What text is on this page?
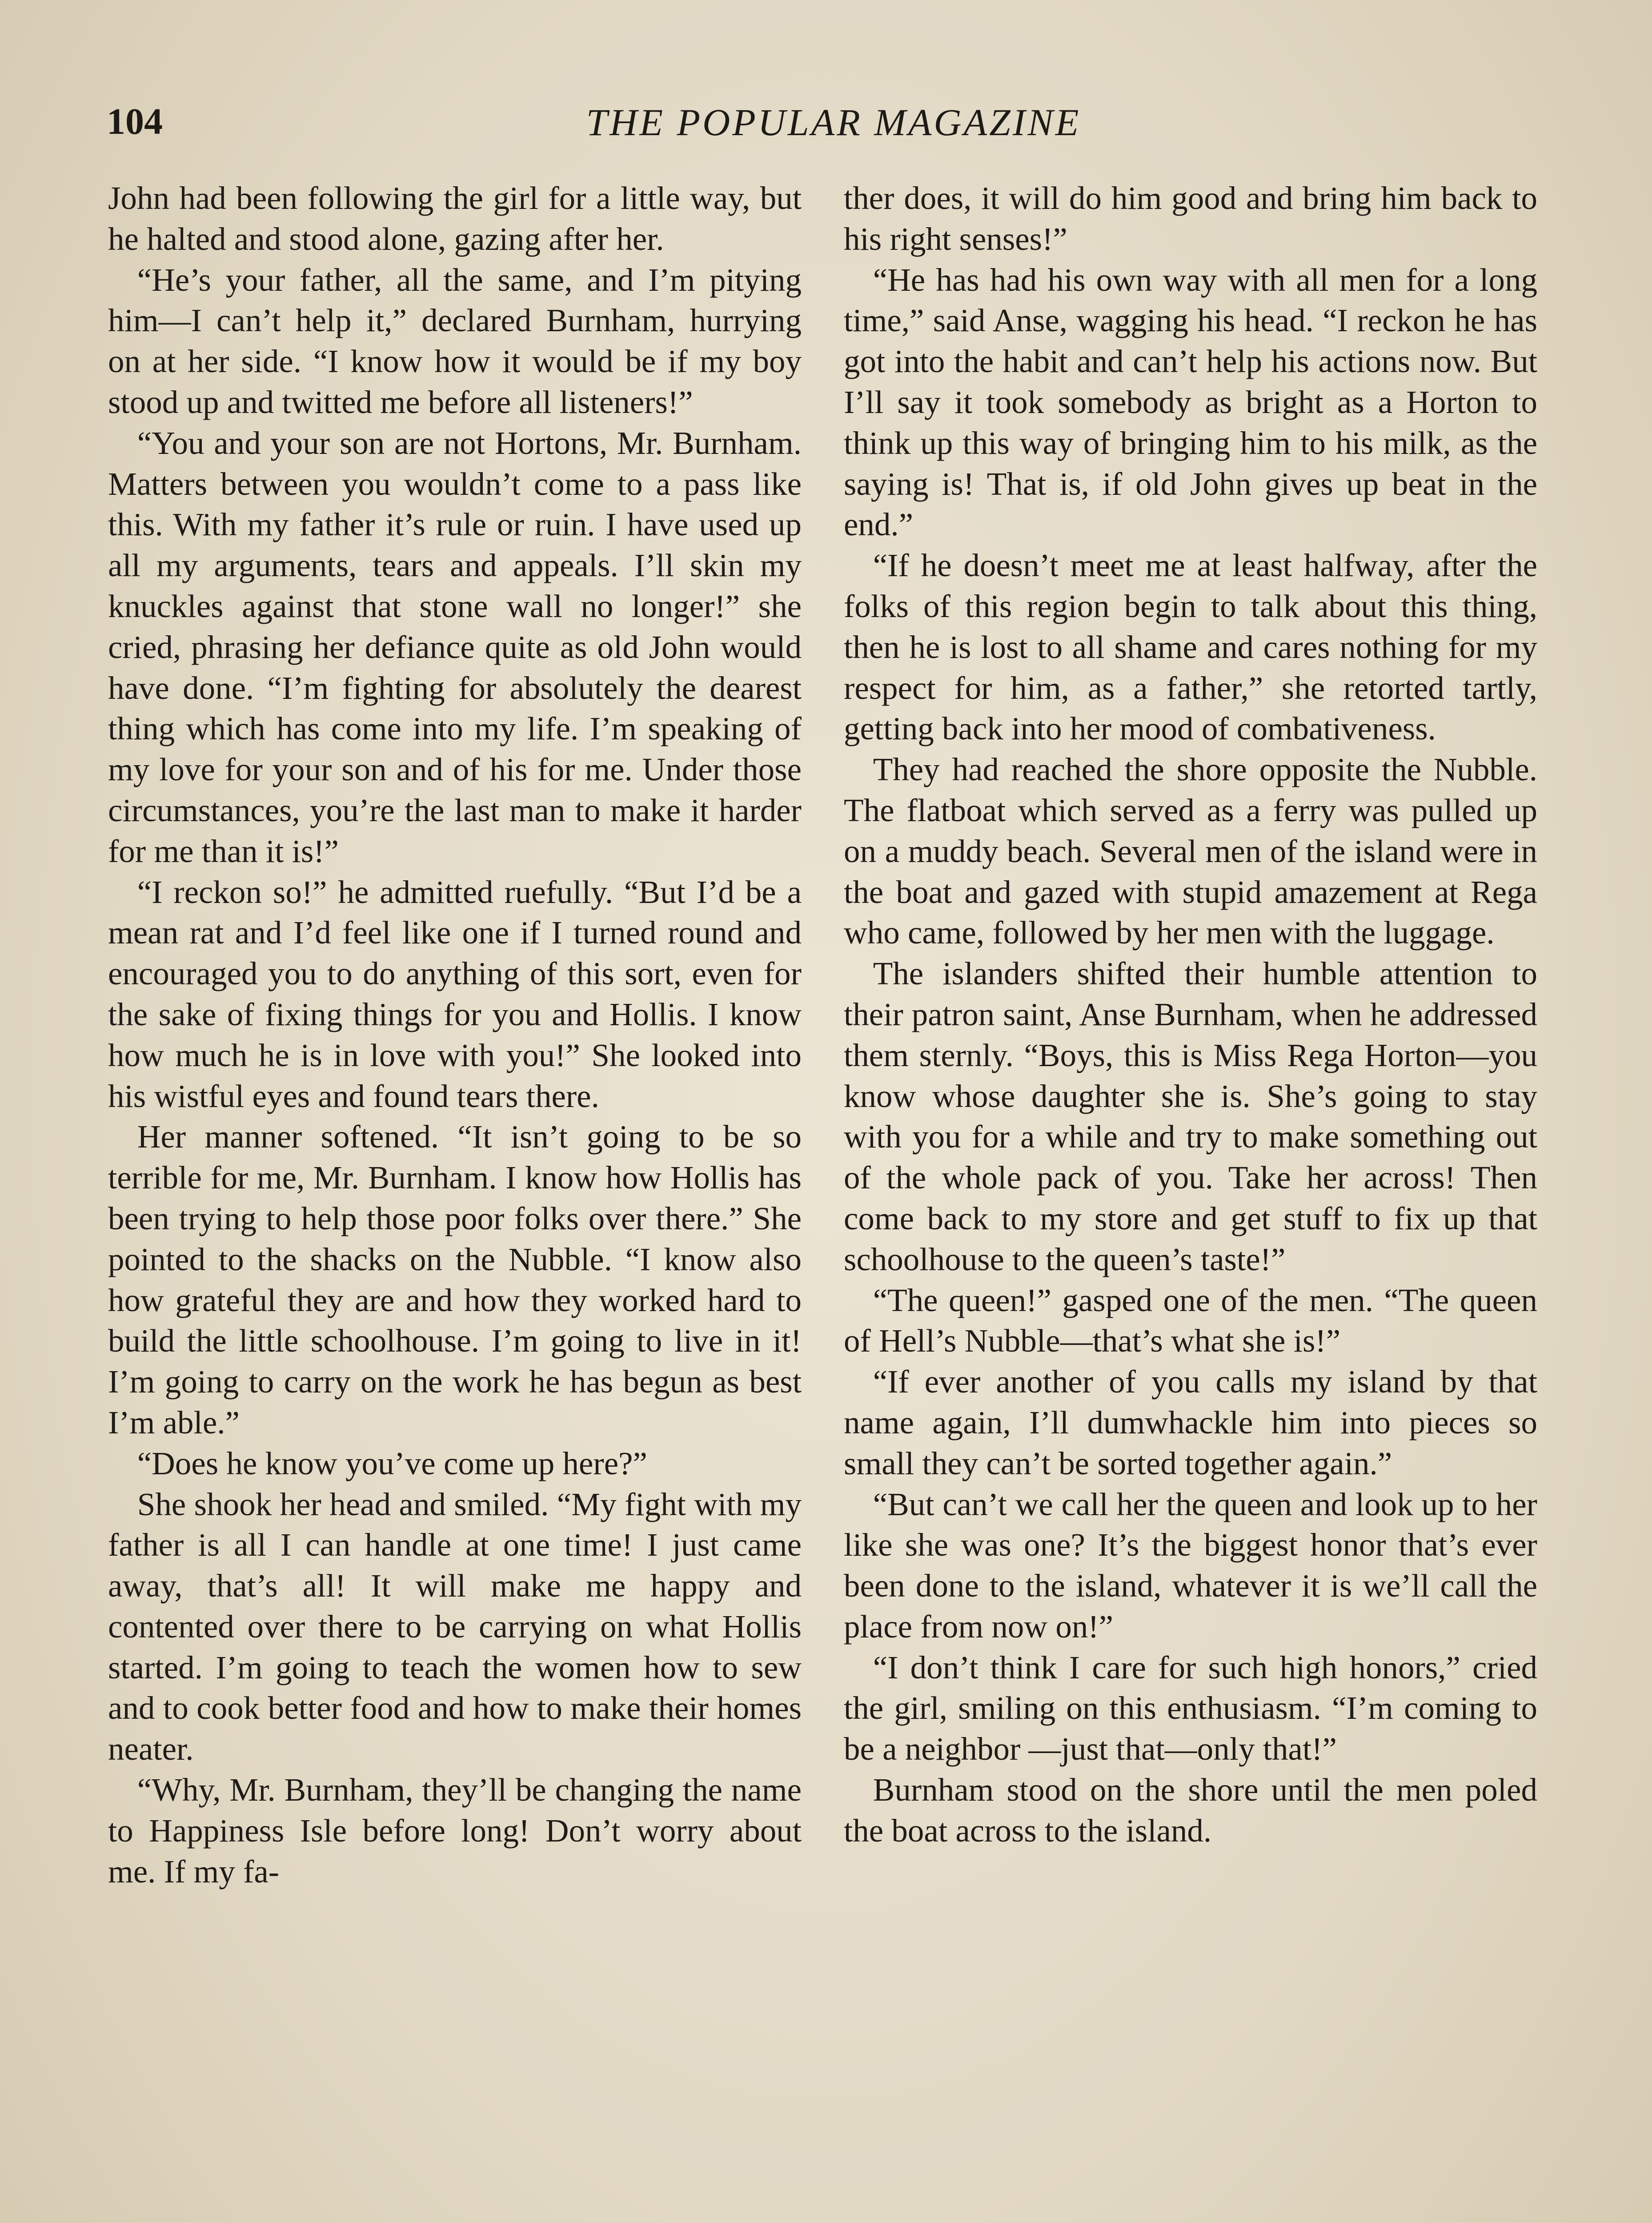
104	THE POPULAR MAGAZINE

John had been following the girl for a little way, but he halted and stood alone, gazing after her.

“He’s your father, all the same, and I’m pitying him—I can’t help it,” declared Burnham, hurrying on at her side. “I know how it would be if my boy stood up and twitted me before all listeners!”

“You and your son are not Hortons, Mr. Burnham. Matters between you wouldn’t come to a pass like this. With my father it’s rule or ruin. I have used up all my arguments, tears and appeals. I’ll skin my knuckles against that stone wall no longer!” she cried, phrasing her defiance quite as old John would have done. “I’m fighting for absolutely the dearest thing which has come into my life. I’m speaking of my love for your son and of his for me. Under those circumstances, you’re the last man to make it harder for me than it is!”

“I reckon so!” he admitted ruefully. “But I’d be a mean rat and I’d feel like one if I turned round and encouraged you to do anything of this sort, even for the sake of fixing things for you and Hollis. I know how much he is in love with you!” She looked into his wistful eyes and found tears there.

Her manner softened. “It isn’t going to be so terrible for me, Mr. Burnham. I know how Hollis has been trying to help those poor folks over there.” She pointed to the shacks on the Nubble. “I know also how grateful they are and how they worked hard to build the little schoolhouse. I’m going to live in it! I’m going to carry on the work he has begun as best I’m able.”

“Does he know you’ve come up here?”

She shook her head and smiled. “My fight with my father is all I can handle at one time! I just came away, that’s all! It will make me happy and contented over there to be carrying on what Hollis started. I’m going to teach the women how to sew and to cook better food and how to make their homes neater.

“Why, Mr. Burnham, they’ll be changing the name to Happiness Isle before long! Don’t worry about me. If my fa-

ther does, it will do him good and bring him back to his right senses!”

“He has had his own way with all men for a long time,” said Anse, wagging his head. “I reckon he has got into the habit and can’t help his actions now. But I’ll say it took somebody as bright as a Horton to think up this way of bringing him to his milk, as the saying is! That is, if old John gives up beat in the end.”

“If he doesn’t meet me at least halfway, after the folks of this region begin to talk about this thing, then he is lost to all shame and cares nothing for my respect for him, as a father,” she retorted tartly, getting back into her mood of combativeness.

They had reached the shore opposite the Nubble. The flatboat which served as a ferry was pulled up on a muddy beach. Several men of the island were in the boat and gazed with stupid amazement at Rega who came, followed by her men with the luggage.

The islanders shifted their humble attention to their patron saint, Anse Burnham, when he addressed them sternly. “Boys, this is Miss Rega Horton—you know whose daughter she is. She’s going to stay with you for a while and try to make something out of the whole pack of you. Take her across! Then come back to my store and get stuff to fix up that schoolhouse to the queen’s taste!”

“The queen!” gasped one of the men. “The queen of Hell’s Nubble—that’s what she is!”

“If ever another of you calls my island by that name again, I’ll dumwhackle him into pieces so small they can’t be sorted together again.”

“But can’t we call her the queen and look up to her like she was one? It’s the biggest honor that’s ever been done to the island, whatever it is we’ll call the place from now on!”

“I don’t think I care for such high honors,” cried the girl, smiling on this enthusiasm. “I’m coming to be a neighbor —just that—only that!”

Burnham stood on the shore until the men poled the boat across to the island.
